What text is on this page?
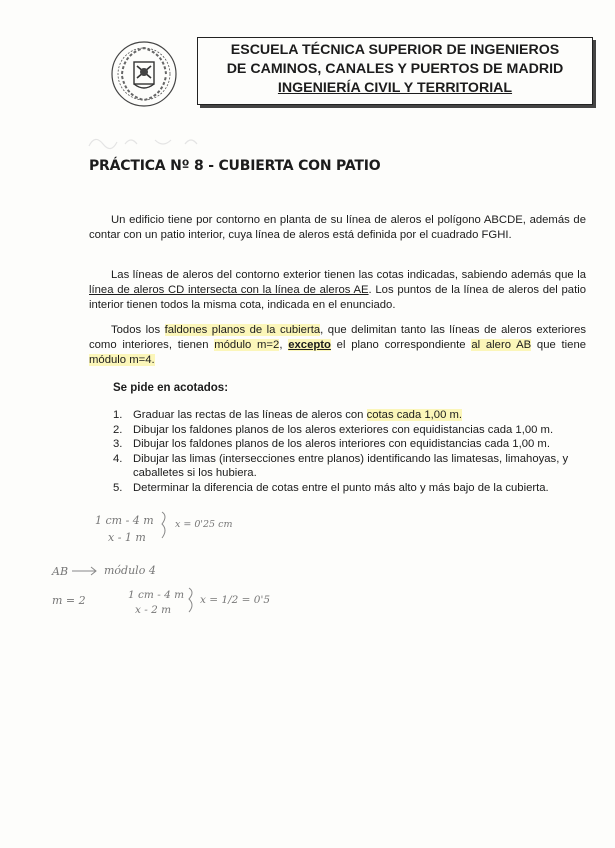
ESCUELA TÉCNICA SUPERIOR DE INGENIEROS
DE CAMINOS, CANALES Y PUERTOS DE MADRID
INGENIERÍA CIVIL Y TERRITORIAL
PRÁCTICA Nº 8 - CUBIERTA CON PATIO

Un edificio tiene por contorno en planta de su línea de aleros el polígono ABCDE, además de contar con un patio interior, cuya línea de aleros está definida por el cuadrado FGHI.

Las líneas de aleros del contorno exterior tienen las cotas indicadas, sabiendo además que la línea de aleros CD intersecta con la línea de aleros AE. Los puntos de la línea de aleros del patio interior tienen todos la misma cota, indicada en el enunciado.

Todos los faldones planos de la cubierta, que delimitan tanto las líneas de aleros exteriores como interiores, tienen módulo m=2, excepto el plano correspondiente al alero AB que tiene módulo m=4.

Se pide en acotados:
1. Graduar las rectas de las líneas de aleros con cotas cada 1,00 m.
2. Dibujar los faldones planos de los aleros exteriores con equidistancias cada 1,00 m.
3. Dibujar los faldones planos de los aleros interiores con equidistancias cada 1,00 m.
4. Dibujar las limas (intersecciones entre planos) identificando las limatesas, limahoyas, y caballetes si los hubiera.
5. Determinar la diferencia de cotas entre el punto más alto y más bajo de la cubierta.
1 cm - 4 m
x - 1 m
x = 0'25 cm
AB	módulo 4
m = 2	1 cm - 4 m
x - 2 m
x = 1/2 = 0'5
